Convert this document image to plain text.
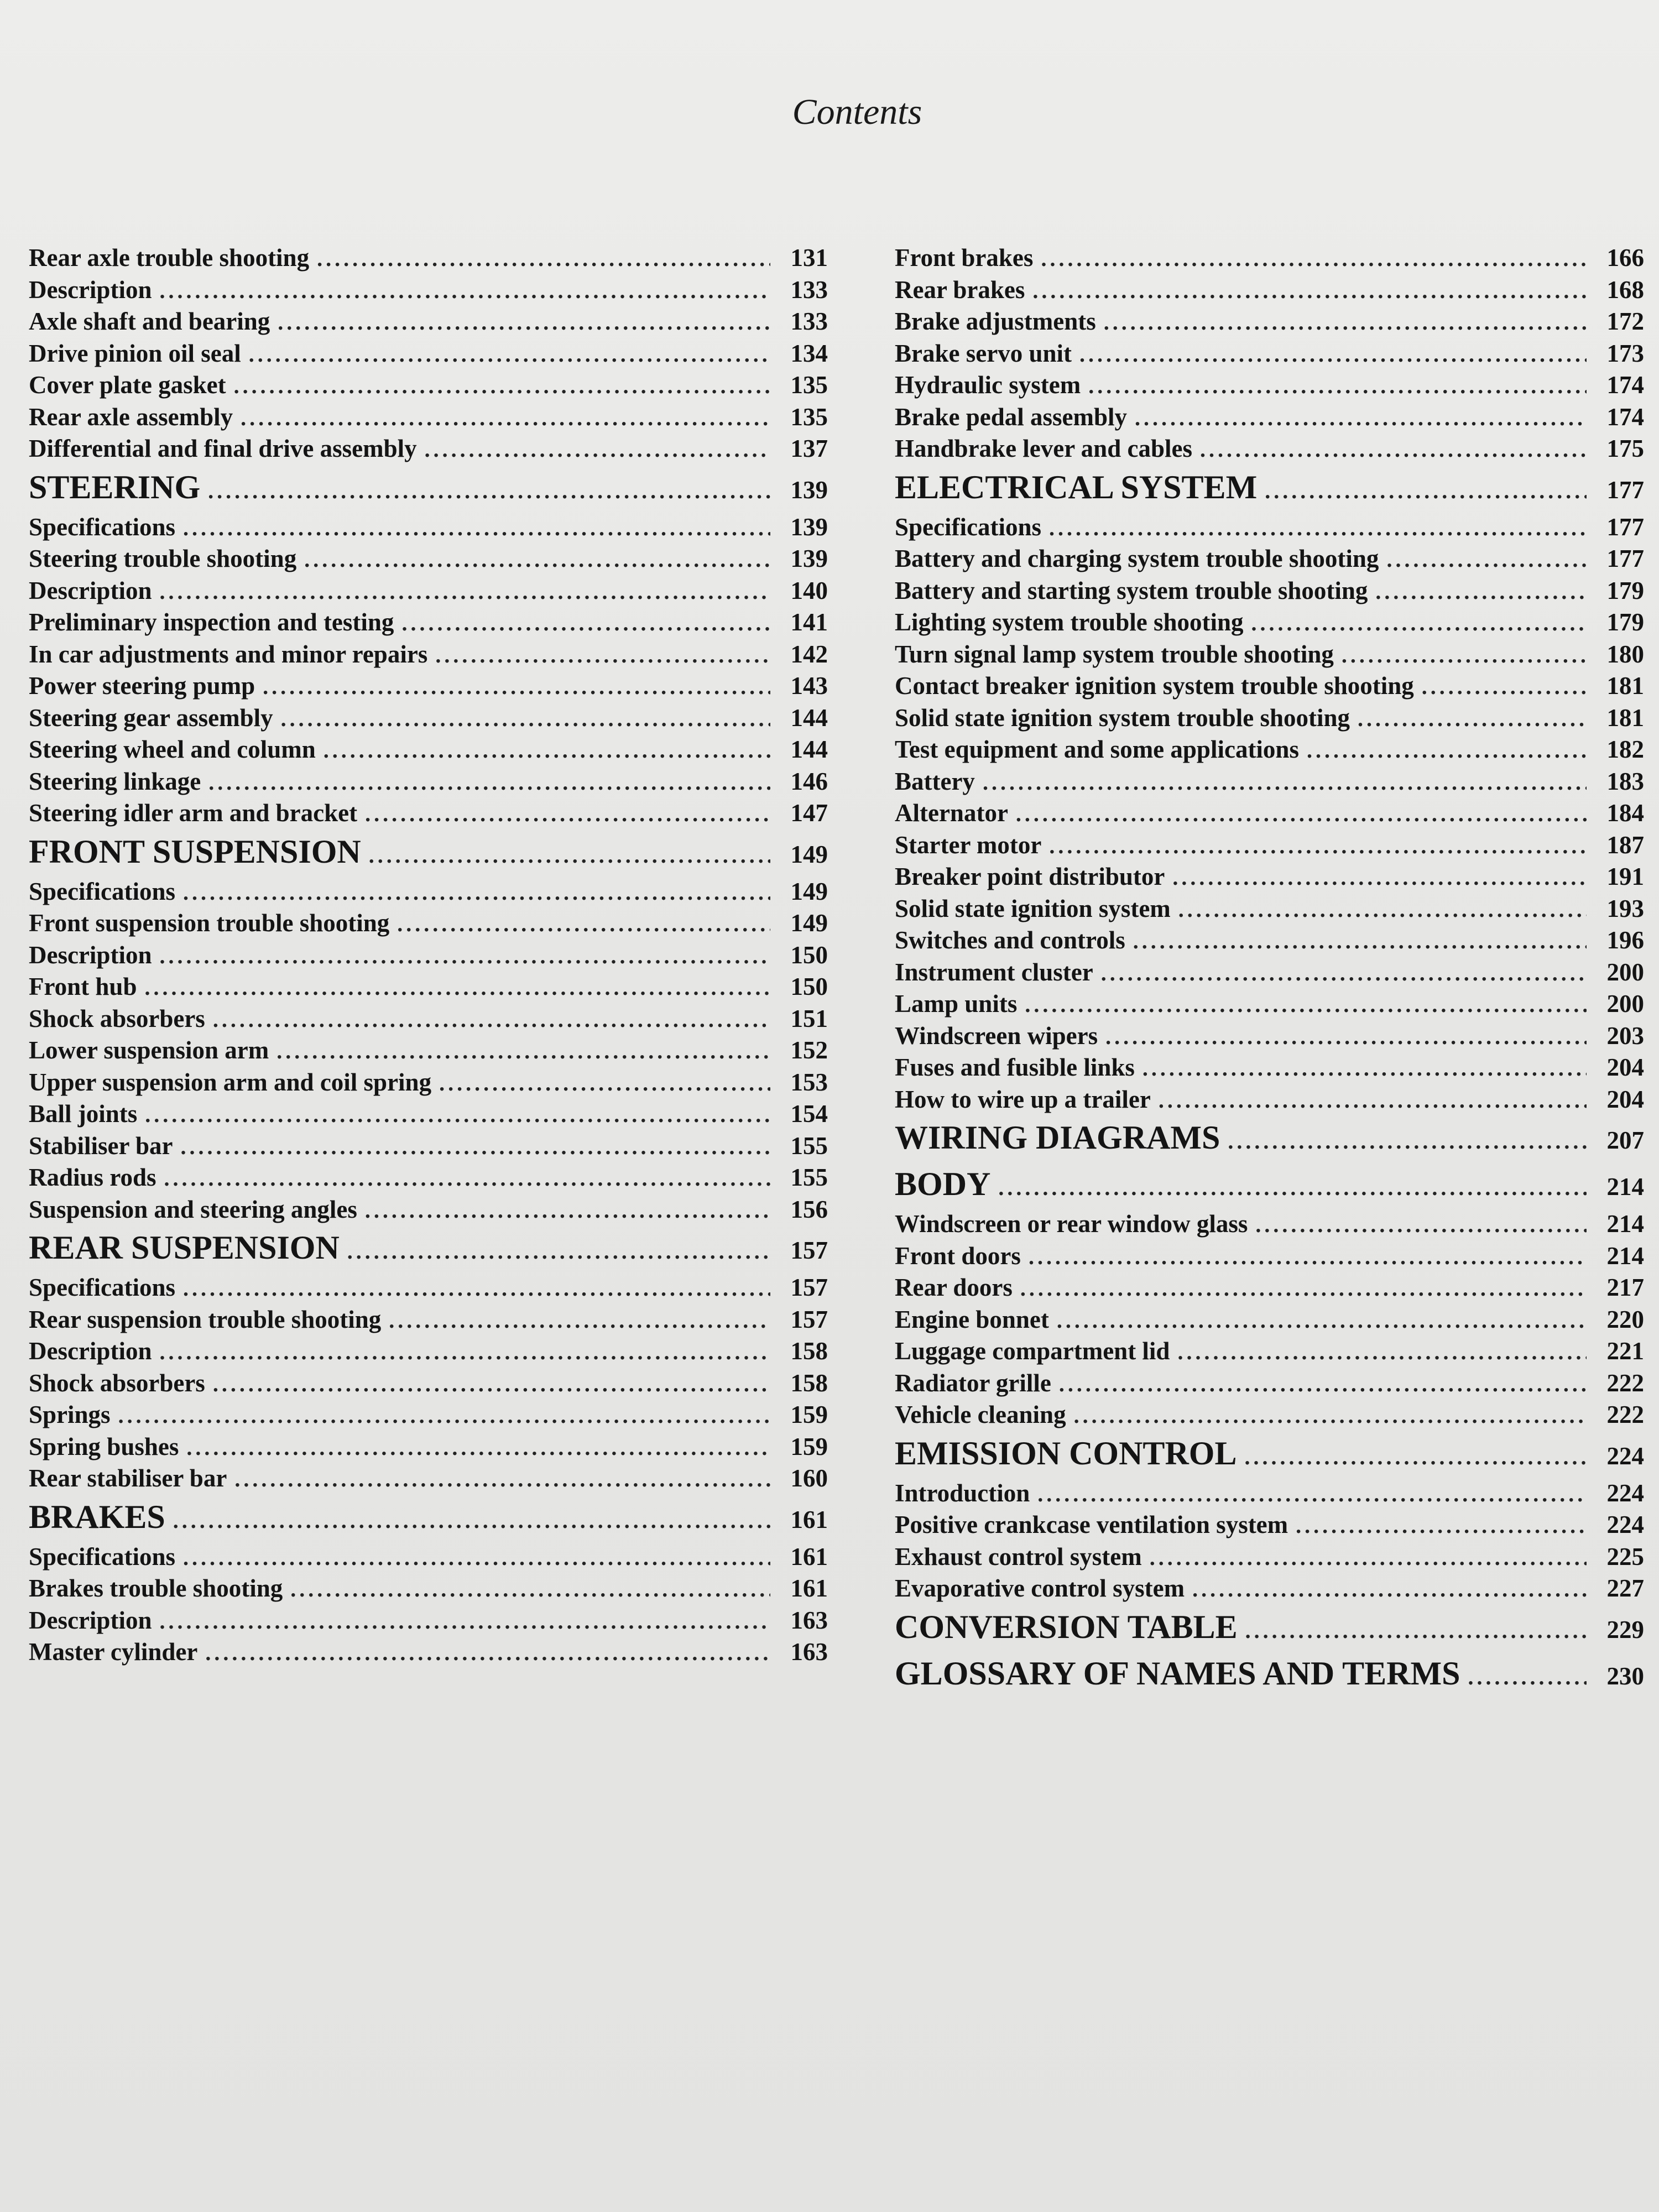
Contents
Rear axle trouble shooting .....	131
Description .....	133
Axle shaft and bearing .....	133
Drive pinion oil seal .....	134
Cover plate gasket .....	135
Rear axle assembly .....	135
Differential and final drive assembly .....	137
STEERING .....	139
Specifications .....	139
Steering trouble shooting .....	139
Description .....	140
Preliminary inspection and testing .....	141
In car adjustments and minor repairs .....	142
Power steering pump .....	143
Steering gear assembly .....	144
Steering wheel and column .....	144
Steering linkage .....	146
Steering idler arm and bracket .....	147
FRONT SUSPENSION .....	149
Specifications .....	149
Front suspension trouble shooting .....	149
Description .....	150
Front hub .....	150
Shock absorbers .....	151
Lower suspension arm .....	152
Upper suspension arm and coil spring .....	153
Ball joints .....	154
Stabiliser bar .....	155
Radius rods .....	155
Suspension and steering angles .....	156
REAR SUSPENSION .....	157
Specifications .....	157
Rear suspension trouble shooting .....	157
Description .....	158
Shock absorbers .....	158
Springs .....	159
Spring bushes .....	159
Rear stabiliser bar .....	160
BRAKES .....	161
Specifications .....	161
Brakes trouble shooting .....	161
Description .....	163
Master cylinder .....	163
Front brakes .....	166
Rear brakes .....	168
Brake adjustments .....	172
Brake servo unit .....	173
Hydraulic system .....	174
Brake pedal assembly .....	174
Handbrake lever and cables .....	175
ELECTRICAL SYSTEM .....	177
Specifications .....	177
Battery and charging system trouble shooting .....	177
Battery and starting system trouble shooting .....	179
Lighting system trouble shooting .....	179
Turn signal lamp system trouble shooting .....	180
Contact breaker ignition system trouble shooting .....	181
Solid state ignition system trouble shooting .....	181
Test equipment and some applications .....	182
Battery .....	183
Alternator .....	184
Starter motor .....	187
Breaker point distributor .....	191
Solid state ignition system .....	193
Switches and controls .....	196
Instrument cluster .....	200
Lamp units .....	200
Windscreen wipers .....	203
Fuses and fusible links .....	204
How to wire up a trailer .....	204
WIRING DIAGRAMS .....	207
BODY .....	214
Windscreen or rear window glass .....	214
Front doors .....	214
Rear doors .....	217
Engine bonnet .....	220
Luggage compartment lid .....	221
Radiator grille .....	222
Vehicle cleaning .....	222
EMISSION CONTROL .....	224
Introduction .....	224
Positive crankcase ventilation system .....	224
Exhaust control system .....	225
Evaporative control system .....	227
CONVERSION TABLE .....	229
GLOSSARY OF NAMES AND TERMS .....	230
